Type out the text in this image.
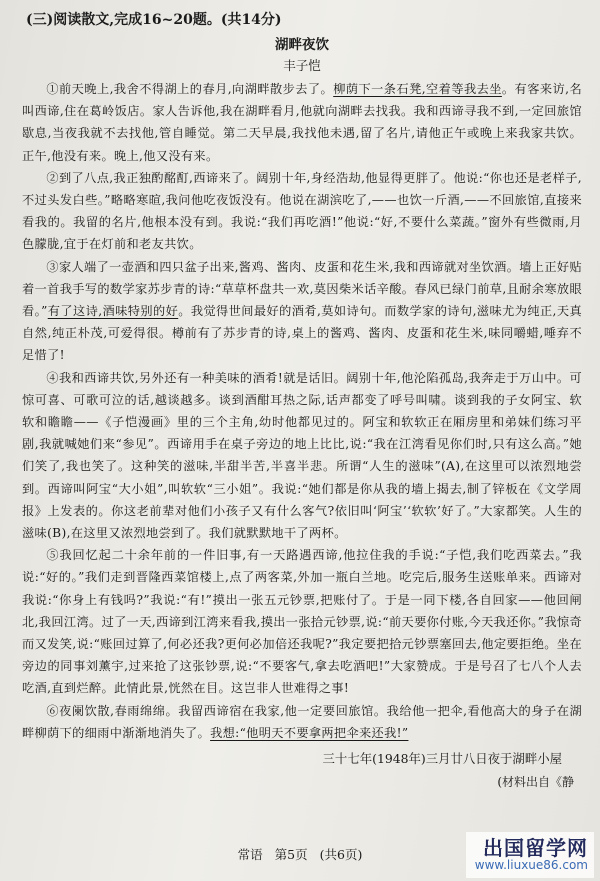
(三)阅读散文,完成16~20题。(共14分)
湖畔夜饮
丰子恺

①前天晚上,我舍不得湖上的春月,向湖畔散步去了。柳荫下一条石凳,空着等我去坐。有客来访,名叫西谛,住在葛岭饭店。家人告诉他,我在湖畔看月,他就向湖畔去找我。我和西谛寻我不到,一定回旅馆歇息,当夜我就不去找他,管自睡觉。第二天早晨,我找他未遇,留了名片,请他正午或晚上来我家共饮。正午,他没有来。晚上,他又没有来。

②到了八点,我正独酌酩酊,西谛来了。阔别十年,身经浩劫,他显得更胖了。他说:“你也还是老样子,不过头发白些。”略略寒暄,我问他吃夜饭没有。他说在湖滨吃了,——也饮一斤酒,——不回旅馆,直接来看我的。我留的名片,他根本没有到。我说:“我们再吃酒!”他说:“好,不要什么菜蔬。”窗外有些微雨,月色朦胧,宜于在灯前和老友共饮。

③家人端了一壶酒和四只盆子出来,酱鸡、酱肉、皮蛋和花生米,我和西谛就对坐饮酒。墙上正好贴着一首我手写的数学家苏步青的诗:“草草杯盘共一欢,莫因柴米话辛酸。春风已绿门前草,且耐余寒放眼看。”有了这诗,酒味特别的好。我觉得世间最好的酒肴,莫如诗句。而数学家的诗句,滋味尤为纯正,天真自然,纯正朴茂,可爱得很。樽前有了苏步青的诗,桌上的酱鸡、酱肉、皮蛋和花生米,味同嚼蜡,唾弃不足惜了!

④我和西谛共饮,另外还有一种美味的酒肴!就是话旧。阔别十年,他沦陷孤岛,我奔走于万山中。可惊可喜、可歌可泣的话,越谈越多。谈到酒酣耳热之际,话声都变了呼号叫啸。谈到我的子女阿宝、软软和瞻瞻——《子恺漫画》里的三个主角,幼时他都见过的。阿宝和软软正在厢房里和弟妹们练习平剧,我就喊她们来“参见”。西谛用手在桌子旁边的地上比比,说:“我在江湾看见你们时,只有这么高。”她们笑了,我也笑了。这种笑的滋味,半甜半苦,半喜半悲。所谓“人生的滋味”(A),在这里可以浓烈地尝到。西谛叫阿宝“大小姐”,叫软软“三小姐”。我说:“她们都是你从我的墙上揭去,制了锌板在《文学周报》上发表的。你这老前辈对他们小孩子又有什么客气?依旧叫‘阿宝’‘软软’好了。”大家都笑。人生的滋味(B),在这里又浓烈地尝到了。我们就默默地干了两杯。

⑤我回忆起二十余年前的一件旧事,有一天路遇西谛,他拉住我的手说:“子恺,我们吃西菜去。”我说:“好的。”我们走到晋隆西菜馆楼上,点了两客菜,外加一瓶白兰地。吃完后,服务生送账单来。西谛对我说:“你身上有钱吗?”我说:“有!”摸出一张五元钞票,把账付了。于是一同下楼,各自回家——他回闸北,我回江湾。过了一天,西谛到江湾来看我,摸出一张拾元钞票,说:“前天要你付账,今天我还你。”我惊奇而又发笑,说:“账回过算了,何必还我?更何必加倍还我呢?”我定要把拾元钞票塞回去,他定要拒绝。坐在旁边的同事刘薰宇,过来抢了这张钞票,说:“不要客气,拿去吃酒吧!”大家赞成。于是号召了七八个人去吃酒,直到烂醉。此情此景,恍然在目。这岂非人世难得之事!

⑥夜阑饮散,春雨绵绵。我留西谛宿在我家,他一定要回旅馆。我给他一把伞,看他高大的身子在湖畔柳荫下的细雨中渐渐地消失了。我想:“他明天不要拿两把伞来还我!”

三十七年(1948年)三月廿八日夜于湖畔小屋
(材料出自《静
常语 第5页 (共6页)	出国留学网
www.liuxue86.com
